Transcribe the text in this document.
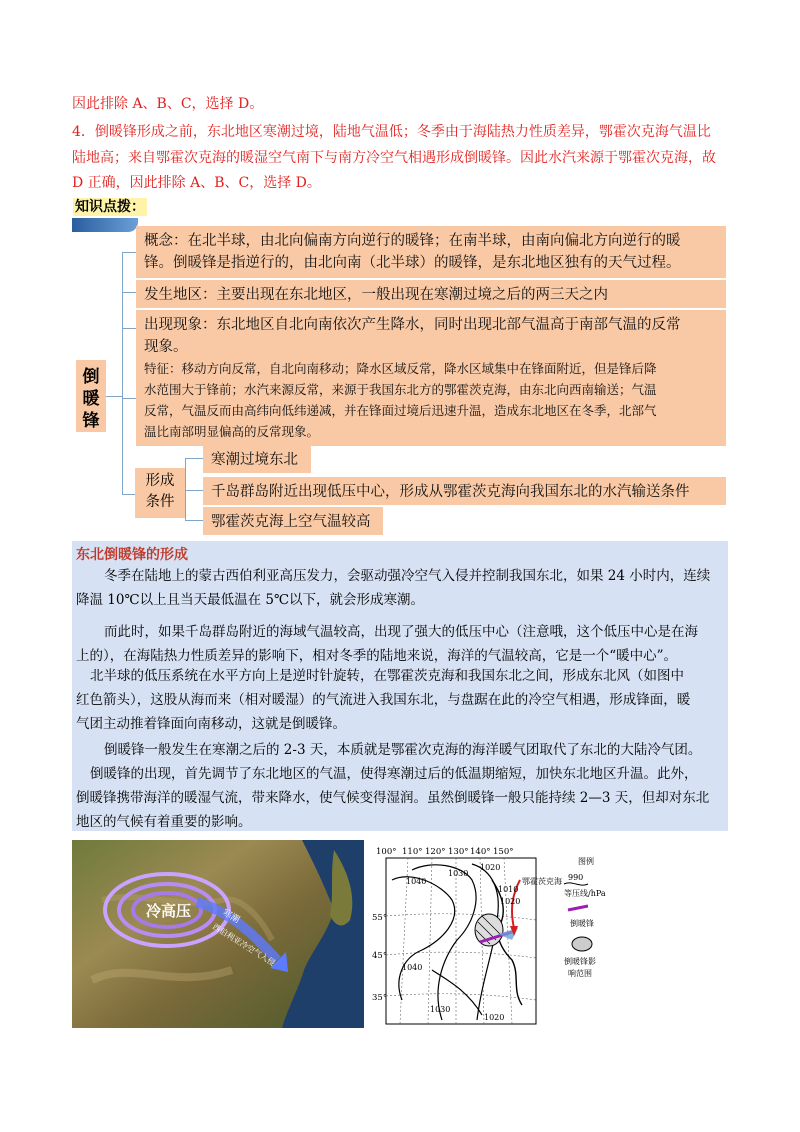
因此排除 A、B、C，选择 D。
4．倒暖锋形成之前，东北地区寒潮过境，陆地气温低；冬季由于海陆热力性质差异，鄂霍次克海气温比
陆地高；来自鄂霍次克海的暖湿空气南下与南方冷空气相遇形成倒暖锋。因此水汽来源于鄂霍次克海，故
D 正确，因此排除 A、B、C，选择 D。
知识点拨：
倒
暖
锋
概念：在北半球，由北向偏南方向逆行的暖锋；在南半球，由南向偏北方向逆行的暖
锋。倒暖锋是指逆行的，由北向南（北半球）的暖锋，是东北地区独有的天气过程。
发生地区：主要出现在东北地区，一般出现在寒潮过境之后的两三天之内
出现现象：东北地区自北向南依次产生降水，同时出现北部气温高于南部气温的反常
现象。
特征：移动方向反常，自北向南移动；降水区域反常，降水区域集中在锋面附近，但是锋后降
水范围大于锋前；水汽来源反常，来源于我国东北方的鄂霍茨克海，由东北向西南输送；气温
反常，气温反而由高纬向低纬递减，并在锋面过境后迅速升温，造成东北地区在冬季，北部气
温比南部明显偏高的反常现象。
形成
条件
寒潮过境东北
千岛群岛附近出现低压中心，形成从鄂霍茨克海向我国东北的水汽输送条件
鄂霍茨克海上空气温较高
东北倒暖锋的形成
冬季在陆地上的蒙古西伯利亚高压发力，会驱动强冷空气入侵并控制我国东北，如果 24 小时内，连续
降温 10℃以上且当天最低温在 5℃以下，就会形成寒潮。
而此时，如果千岛群岛附近的海域气温较高，出现了强大的低压中心（注意哦，这个低压中心是在海
上的），在海陆热力性质差异的影响下，相对冬季的陆地来说，海洋的气温较高，它是一个“暖中心”。
北半球的低压系统在水平方向上是逆时针旋转，在鄂霍茨克海和我国东北之间，形成东北风（如图中
红色箭头），这股从海而来（相对暖湿）的气流进入我国东北，与盘踞在此的冷空气相遇，形成锋面，暖
气团主动推着锋面向南移动，这就是倒暖锋。
倒暖锋一般发生在寒潮之后的 2-3 天，本质就是鄂霍次克海的海洋暖气团取代了东北的大陆冷气团。
倒暖锋的出现，首先调节了东北地区的气温，使得寒潮过后的低温期缩短，加快东北地区升温。此外，
倒暖锋携带海洋的暖湿气流，带来降水，使气候变得湿润。虽然倒暖锋一般只能持续 2—3 天，但却对东北
地区的气候有着重要的影响。
冷高压	寒潮
西伯利亚冷空气入侵
100° 110° 120° 130° 140° 150°
55°
45°
35°
1040
1030
1020
1010
1020
1040
1030
1020
鄂霍茨克海
图例
990
等压线/hPa
倒暖锋
倒暖锋影
响范围
